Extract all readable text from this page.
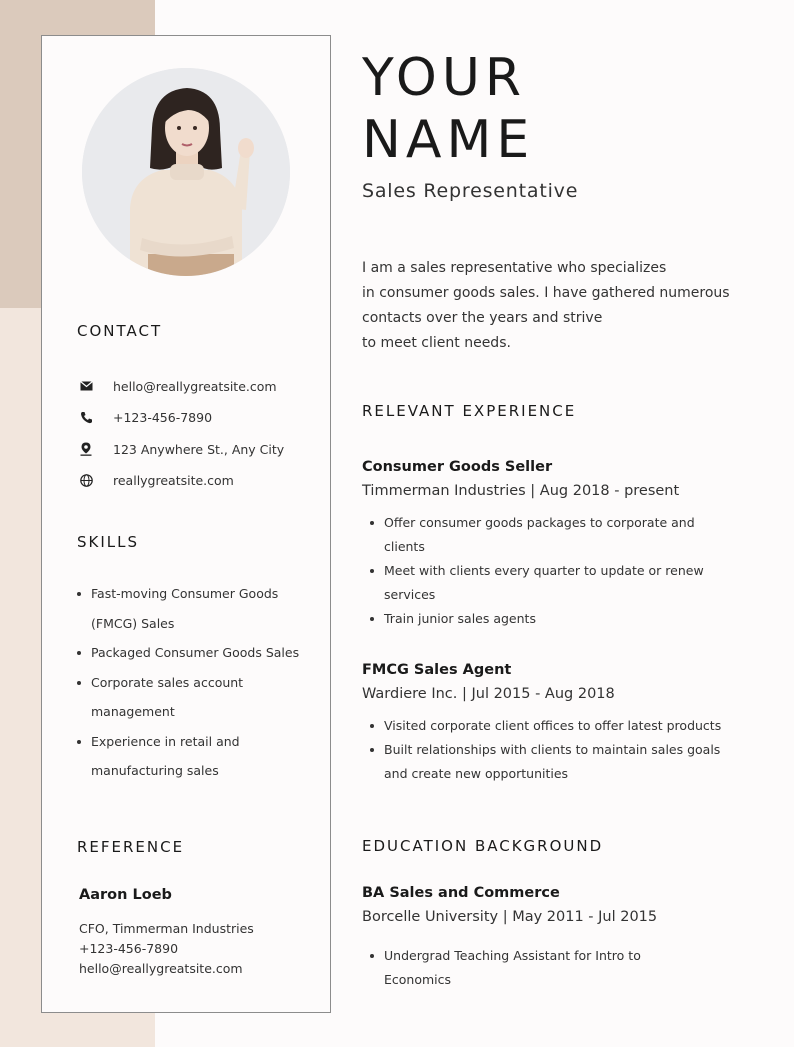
CONTACT
hello@reallygreatsite.com
+123-456-7890
123 Anywhere St., Any City
reallygreatsite.com
SKILLS
Fast-moving Consumer Goods
(FMCG) Sales
Packaged Consumer Goods Sales
Corporate sales account
management
Experience in retail and
manufacturing sales
REFERENCE

Aaron Loeb

CFO, Timmerman Industries
+123-456-7890
hello@reallygreatsite.com
YOUR
NAME
Sales Representative
I am a sales representative who specializes
in consumer goods sales. I have gathered numerous
contacts over the years and strive
to meet client needs.
RELEVANT EXPERIENCE
Consumer Goods Seller
Timmerman Industries | Aug 2018 - present
Offer consumer goods packages to corporate and
clients
Meet with clients every quarter to update or renew
services
Train junior sales agents
FMCG Sales Agent
Wardiere Inc. | Jul 2015 - Aug 2018
Visited corporate client offices to offer latest products
Built relationships with clients to maintain sales goals
and create new opportunities
EDUCATION BACKGROUND
BA Sales and Commerce
Borcelle University | May 2011 - Jul 2015
Undergrad Teaching Assistant for Intro to
Economics
